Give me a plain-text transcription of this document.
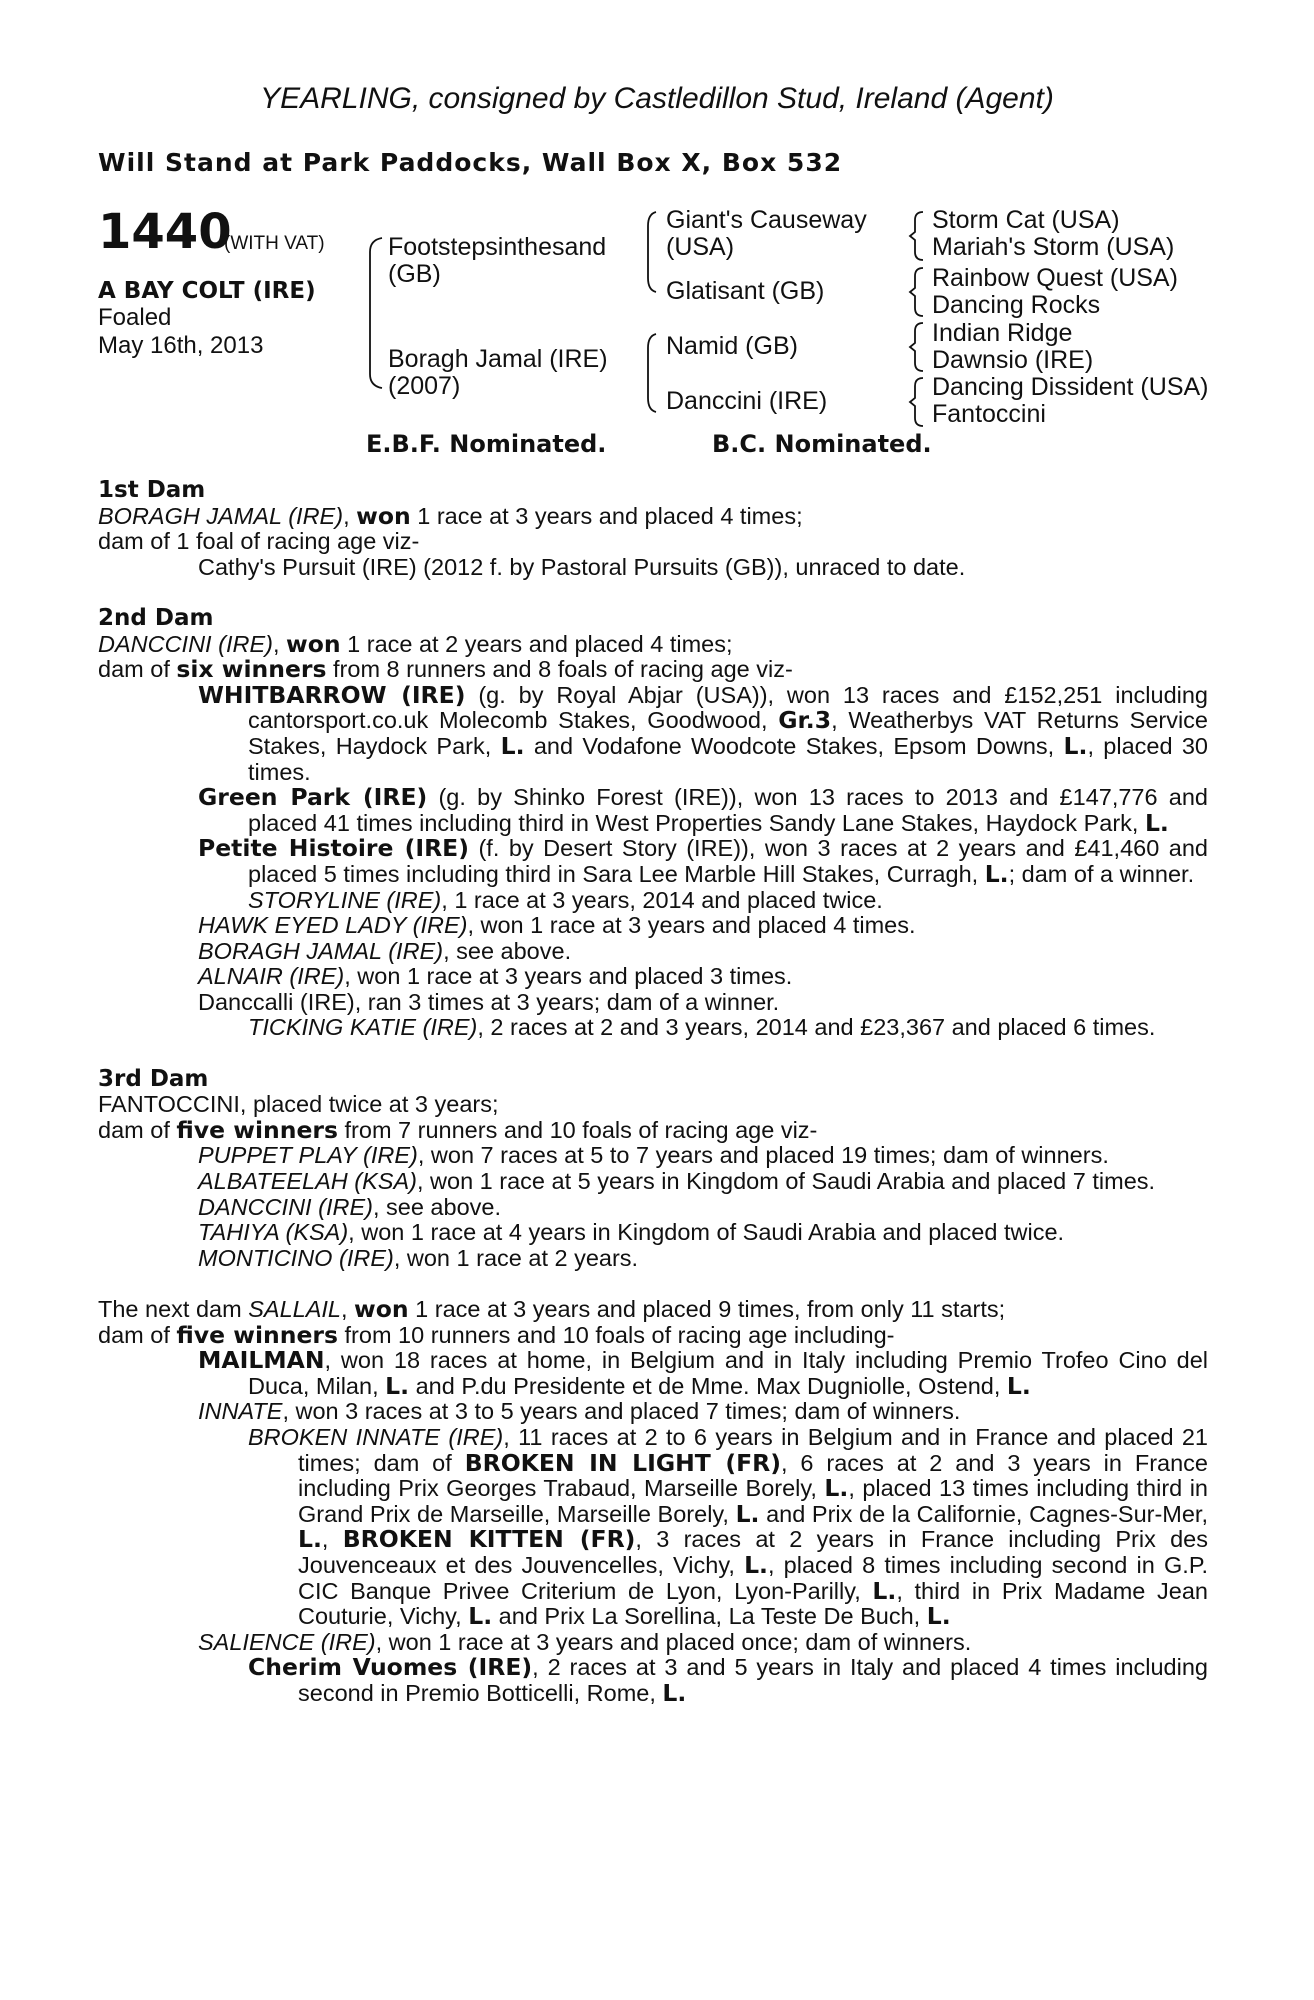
YEARLING, consigned by Castledillon Stud, Ireland (Agent)
Will Stand at Park Paddocks, Wall Box X, Box 532
1440
(WITH VAT)
A BAY COLT (IRE)
Foaled
May 16th, 2013
Footstepsinthesand
(GB)
Boragh Jamal (IRE)
(2007)
Giant's Causeway
(USA)
Glatisant (GB)
Namid (GB)
Danccini (IRE)
Storm Cat (USA)
Mariah's Storm (USA)
Rainbow Quest (USA)
Dancing Rocks
Indian Ridge
Dawnsio (IRE)
Dancing Dissident (USA)
Fantoccini
E.B.F. Nominated.	B.C. Nominated.

1st Dam

BORAGH JAMAL (IRE), won 1 race at 3 years and placed 4 times;

dam of 1 foal of racing age viz-

Cathy's Pursuit (IRE) (2012 f. by Pastoral Pursuits (GB)), unraced to date.

2nd Dam

DANCCINI (IRE), won 1 race at 2 years and placed 4 times;

dam of six winners from 8 runners and 8 foals of racing age viz-

WHITBARROW (IRE) (g. by Royal Abjar (USA)), won 13 races and £152,251 including cantorsport.co.uk Molecomb Stakes, Goodwood, Gr.3, Weatherbys VAT Returns Service Stakes, Haydock Park, L. and Vodafone Woodcote Stakes, Epsom Downs, L., placed 30 times.

Green Park (IRE) (g. by Shinko Forest (IRE)), won 13 races to 2013 and £147,776 and placed 41 times including third in West Properties Sandy Lane Stakes, Haydock Park, L.

Petite Histoire (IRE) (f. by Desert Story (IRE)), won 3 races at 2 years and £41,460 and placed 5 times including third in Sara Lee Marble Hill Stakes, Curragh, L.; dam of a winner.

STORYLINE (IRE), 1 race at 3 years, 2014 and placed twice.

HAWK EYED LADY (IRE), won 1 race at 3 years and placed 4 times.

BORAGH JAMAL (IRE), see above.

ALNAIR (IRE), won 1 race at 3 years and placed 3 times.

Danccalli (IRE), ran 3 times at 3 years; dam of a winner.

TICKING KATIE (IRE), 2 races at 2 and 3 years, 2014 and £23,367 and placed 6 times.

3rd Dam

FANTOCCINI, placed twice at 3 years;

dam of five winners from 7 runners and 10 foals of racing age viz-

PUPPET PLAY (IRE), won 7 races at 5 to 7 years and placed 19 times; dam of winners.

ALBATEELAH (KSA), won 1 race at 5 years in Kingdom of Saudi Arabia and placed 7 times.

DANCCINI (IRE), see above.

TAHIYA (KSA), won 1 race at 4 years in Kingdom of Saudi Arabia and placed twice.

MONTICINO (IRE), won 1 race at 2 years.

The next dam SALLAIL, won 1 race at 3 years and placed 9 times, from only 11 starts;

dam of five winners from 10 runners and 10 foals of racing age including-

MAILMAN, won 18 races at home, in Belgium and in Italy including Premio Trofeo Cino del Duca, Milan, L. and P.du Presidente et de Mme. Max Dugniolle, Ostend, L.

INNATE, won 3 races at 3 to 5 years and placed 7 times; dam of winners.

BROKEN INNATE (IRE), 11 races at 2 to 6 years in Belgium and in France and placed 21 times; dam of BROKEN IN LIGHT (FR), 6 races at 2 and 3 years in France including Prix Georges Trabaud, Marseille Borely, L., placed 13 times including third in Grand Prix de Marseille, Marseille Borely, L. and Prix de la Californie, Cagnes-Sur-Mer, L., BROKEN KITTEN (FR), 3 races at 2 years in France including Prix des Jouvenceaux et des Jouvencelles, Vichy, L., placed 8 times including second in G.P. CIC Banque Privee Criterium de Lyon, Lyon-Parilly, L., third in Prix Madame Jean Couturie, Vichy, L. and Prix La Sorellina, La Teste De Buch, L.

SALIENCE (IRE), won 1 race at 3 years and placed once; dam of winners.

Cherim Vuomes (IRE), 2 races at 3 and 5 years in Italy and placed 4 times including second in Premio Botticelli, Rome, L.
